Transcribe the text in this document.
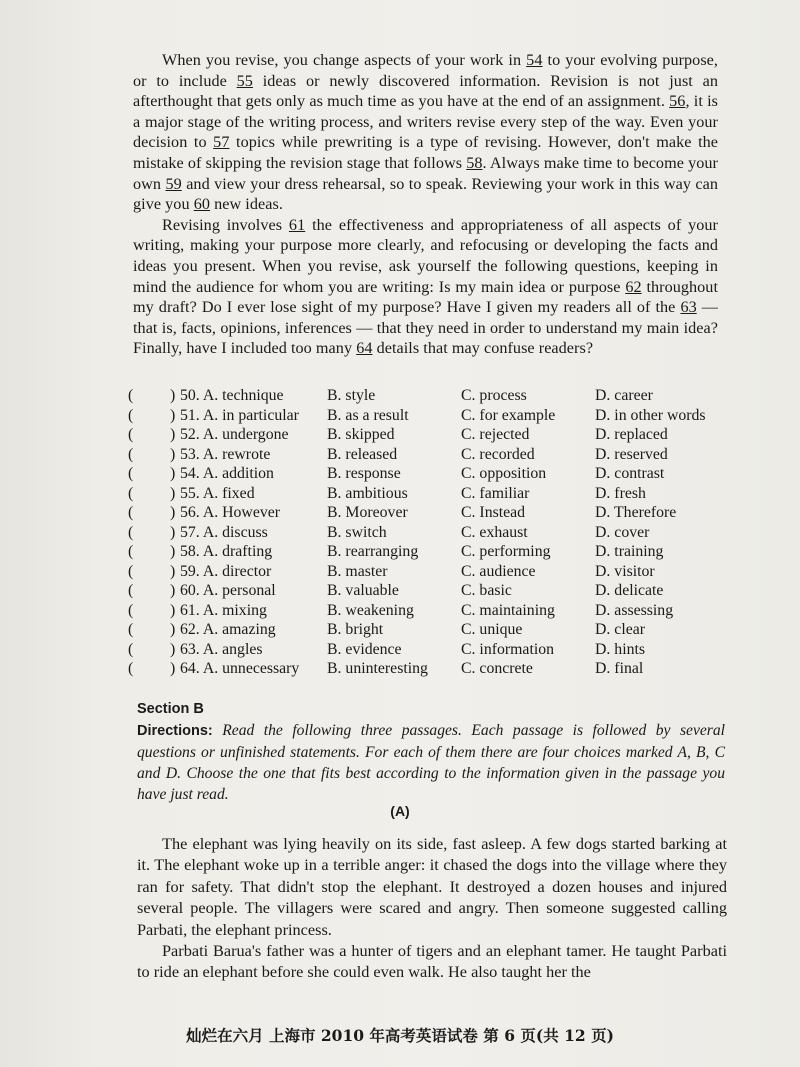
When you revise, you change aspects of your work in 54 to your evolving purpose, or to include 55 ideas or newly discovered information. Revision is not just an afterthought that gets only as much time as you have at the end of an assignment. 56, it is a major stage of the writing process, and writers revise every step of the way. Even your decision to 57 topics while prewriting is a type of revising. However, don't make the mistake of skipping the revision stage that follows 58. Always make time to become your own 59 and view your dress rehearsal, so to speak. Reviewing your work in this way can give you 60 new ideas.

Revising involves 61 the effectiveness and appropriateness of all aspects of your writing, making your purpose more clearly, and refocusing or developing the facts and ideas you present. When you revise, ask yourself the following questions, keeping in mind the audience for whom you are writing: Is my main idea or purpose 62 throughout my draft? Do I ever lose sight of my purpose? Have I given my readers all of the 63 — that is, facts, opinions, inferences — that they need in order to understand my main idea? Finally, have I included too many 64 details that may confuse readers?

( ) 50. A. technique	B. style	C. process	D. career
( ) 51. A. in particular B. as a result	C. for example	D. in other words
( ) 52. A. undergone B. skipped	C. rejected	D. replaced
( ) 53. A. rewrote	B. released	C. recorded	D. reserved
( ) 54. A. addition	B. response	C. opposition	D. contrast
( ) 55. A. fixed	B. ambitious	C. familiar	D. fresh
( ) 56. A. However	B. Moreover	C. Instead	D. Therefore
( ) 57. A. discuss	B. switch	C. exhaust	D. cover
( ) 58. A. drafting	B. rearranging	C. performing	D. training
( ) 59. A. director	B. master	C. audience	D. visitor
( ) 60. A. personal	B. valuable	C. basic	D. delicate
( ) 61. A. mixing	B. weakening	C. maintaining	D. assessing
( ) 62. A. amazing	B. bright	C. unique	D. clear
( ) 63. A. angles	B. evidence	C. information	D. hints
( ) 64. A. unnecessary B. uninteresting C. concrete	D. final
Section B
Directions: Read the following three passages. Each passage is followed by several questions or unfinished statements. For each of them there are four choices marked A, B, C and D. Choose the one that fits best according to the information given in the passage you have just read.
(A)

The elephant was lying heavily on its side, fast asleep. A few dogs started barking at it. The elephant woke up in a terrible anger: it chased the dogs into the village where they ran for safety. That didn't stop the elephant. It destroyed a dozen houses and injured several people. The villagers were scared and angry. Then someone suggested calling Parbati, the elephant princess.

Parbati Barua's father was a hunter of tigers and an elephant tamer. He taught Parbati to ride an elephant before she could even walk. He also taught her the

灿烂在六月 上海市 2010 年高考英语试卷 第 6 页(共 12 页)
